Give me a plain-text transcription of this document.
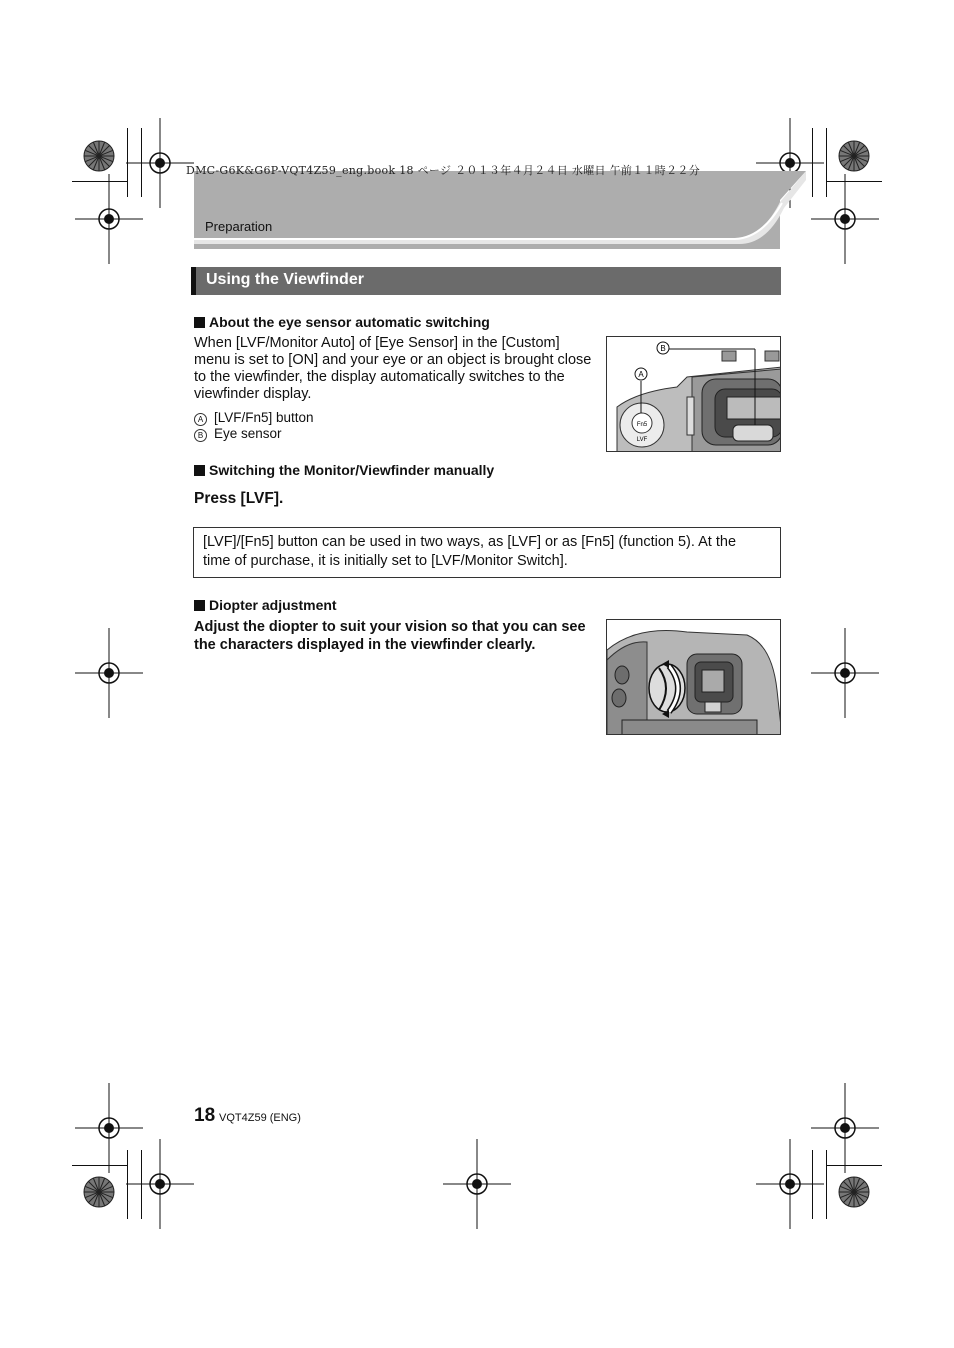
DMC-G6K&G6P-VQT4Z59_eng.book 18 ページ ２０１３年４月２４日 水曜日 午前１１時２２分
Preparation
Using the Viewfinder
About the eye sensor automatic switching
When [LVF/Monitor Auto] of [Eye Sensor] in the [Custom]
menu is set to [ON] and your eye or an object is brought close
to the viewfinder, the display automatically switches to the
viewfinder display.
A [LVF/Fn5] button
B Eye sensor
B
A
Fn5
LVF
Switching the Monitor/Viewfinder manually
Press [LVF].
[LVF]/[Fn5] button can be used in two ways, as [LVF] or as [Fn5] (function 5). At the
time of purchase, it is initially set to [LVF/Monitor Switch].
Diopter adjustment
Adjust the diopter to suit your vision so that you can see
the characters displayed in the viewfinder clearly.
18 VQT4Z59 (ENG)
